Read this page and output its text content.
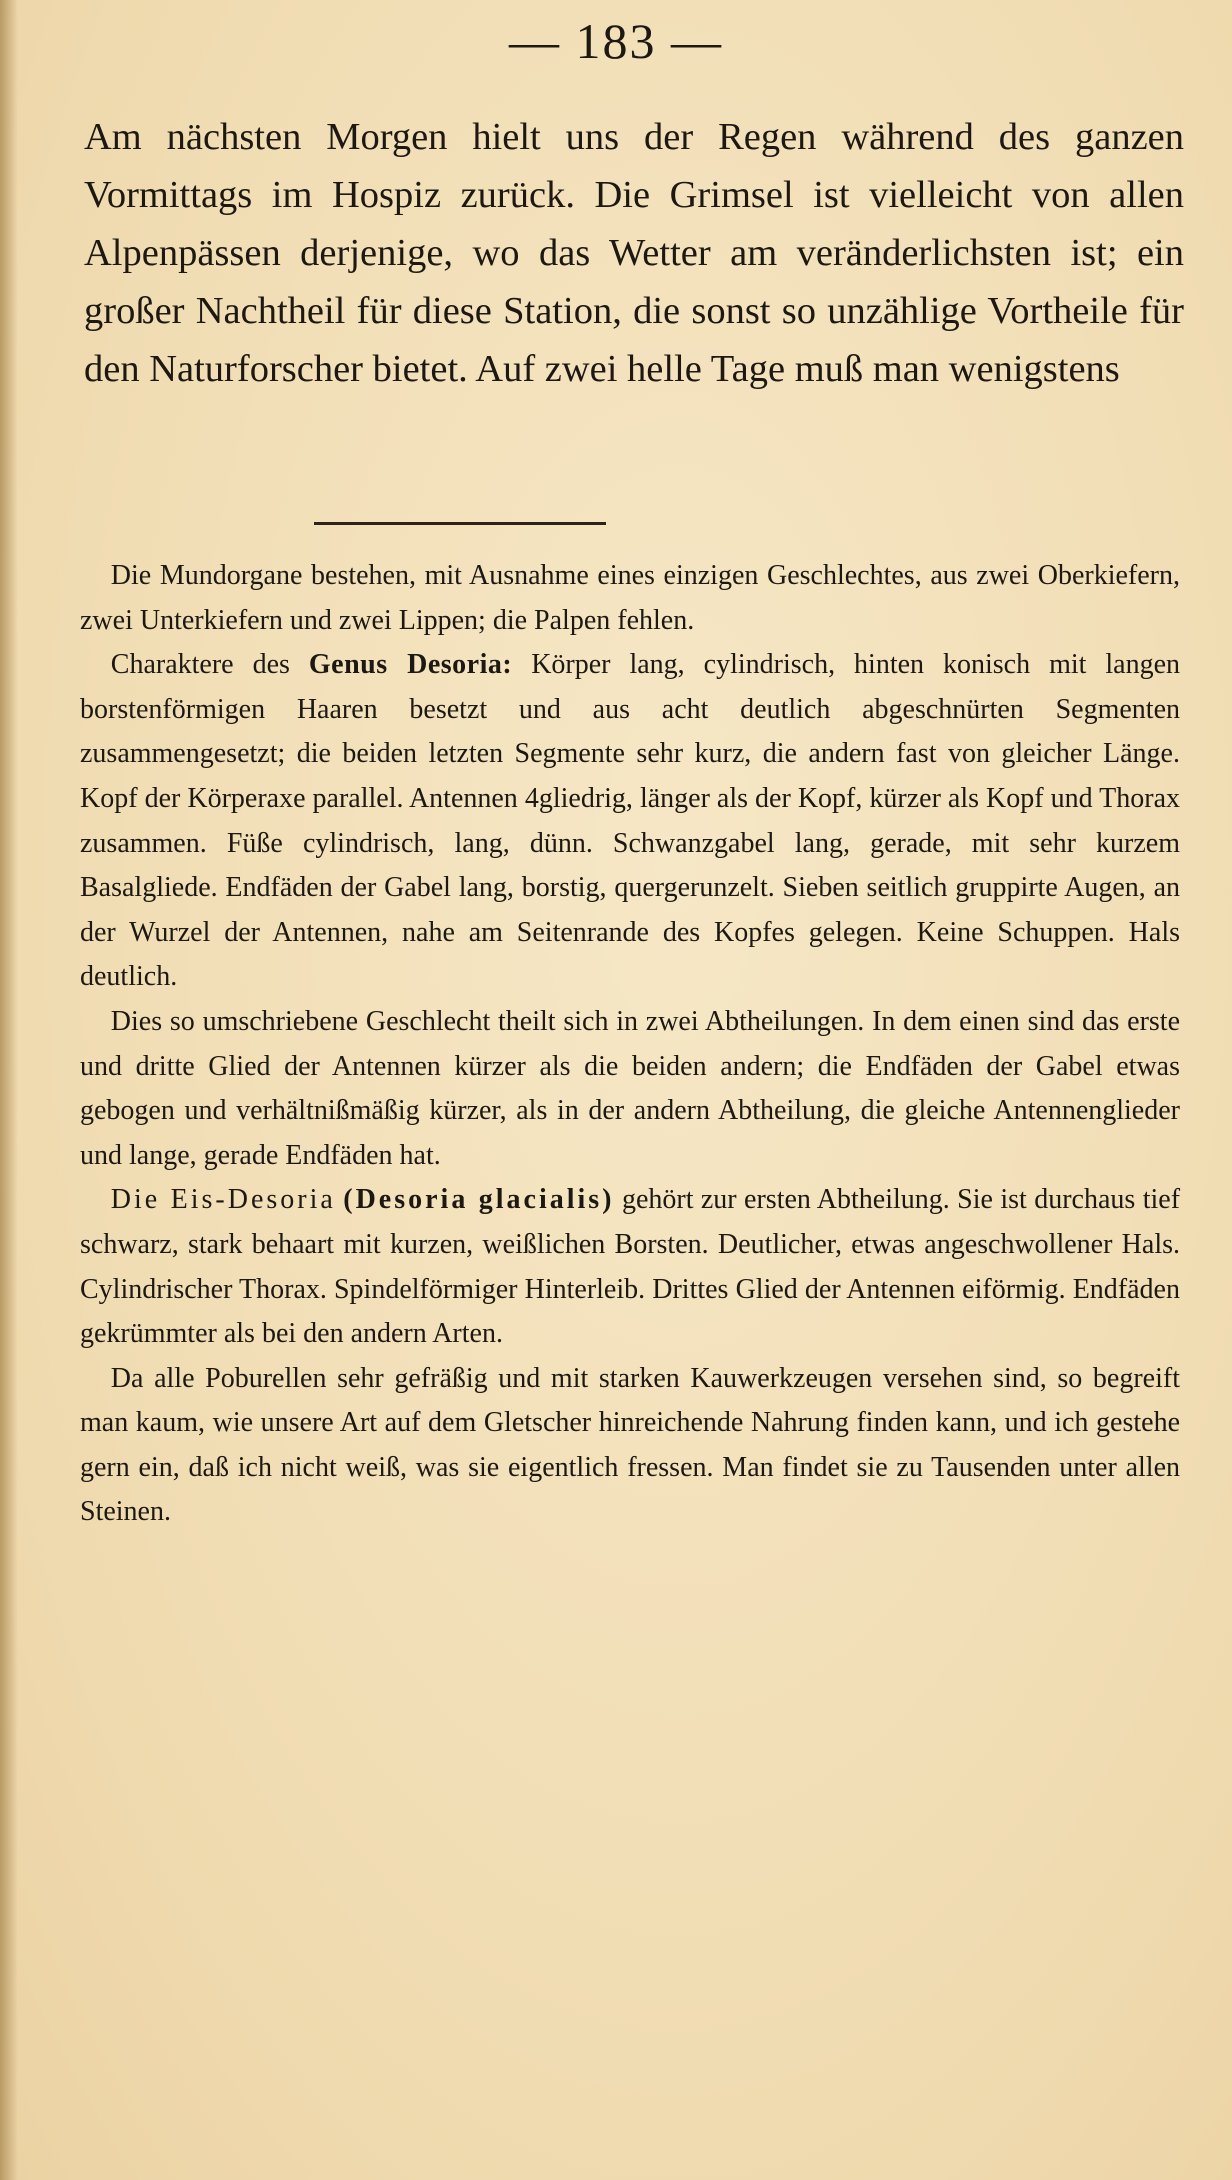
— 183 —

Am nächsten Morgen hielt uns der Regen während des ganzen Vormittags im Hospiz zurück. Die Grimsel ist vielleicht von allen Alpenpässen derjenige, wo das Wetter am veränderlichsten ist; ein großer Nachtheil für diese Station, die sonst so unzählige Vortheile für den Naturforscher bietet. Auf zwei helle Tage muß man wenigstens

Die Mundorgane bestehen, mit Ausnahme eines einzigen Geschlechtes, aus zwei Oberkiefern, zwei Unterkiefern und zwei Lippen; die Palpen fehlen.

Charaktere des Genus Desoria: Körper lang, cylindrisch, hinten konisch mit langen borstenförmigen Haaren besetzt und aus acht deutlich abgeschnürten Segmenten zusammengesetzt; die beiden letzten Segmente sehr kurz, die andern fast von gleicher Länge. Kopf der Körperaxe parallel. Antennen 4gliedrig, länger als der Kopf, kürzer als Kopf und Thorax zusammen. Füße cylindrisch, lang, dünn. Schwanzgabel lang, gerade, mit sehr kurzem Basalgliede. Endfäden der Gabel lang, borstig, quergerunzelt. Sieben seitlich gruppirte Augen, an der Wurzel der Antennen, nahe am Seitenrande des Kopfes gelegen. Keine Schuppen. Hals deutlich.

Dies so umschriebene Geschlecht theilt sich in zwei Abtheilungen. In dem einen sind das erste und dritte Glied der Antennen kürzer als die beiden andern; die Endfäden der Gabel etwas gebogen und verhältnißmäßig kürzer, als in der andern Abtheilung, die gleiche Antennenglieder und lange, gerade Endfäden hat.

Die Eis-Desoria (Desoria glacialis) gehört zur ersten Abtheilung. Sie ist durchaus tief schwarz, stark behaart mit kurzen, weißlichen Borsten. Deutlicher, etwas angeschwollener Hals. Cylindrischer Thorax. Spindelförmiger Hinterleib. Drittes Glied der Antennen eiförmig. Endfäden gekrümmter als bei den andern Arten.

Da alle Poburellen sehr gefräßig und mit starken Kauwerkzeugen versehen sind, so begreift man kaum, wie unsere Art auf dem Gletscher hinreichende Nahrung finden kann, und ich gestehe gern ein, daß ich nicht weiß, was sie eigentlich fressen. Man findet sie zu Tausenden unter allen Steinen.
